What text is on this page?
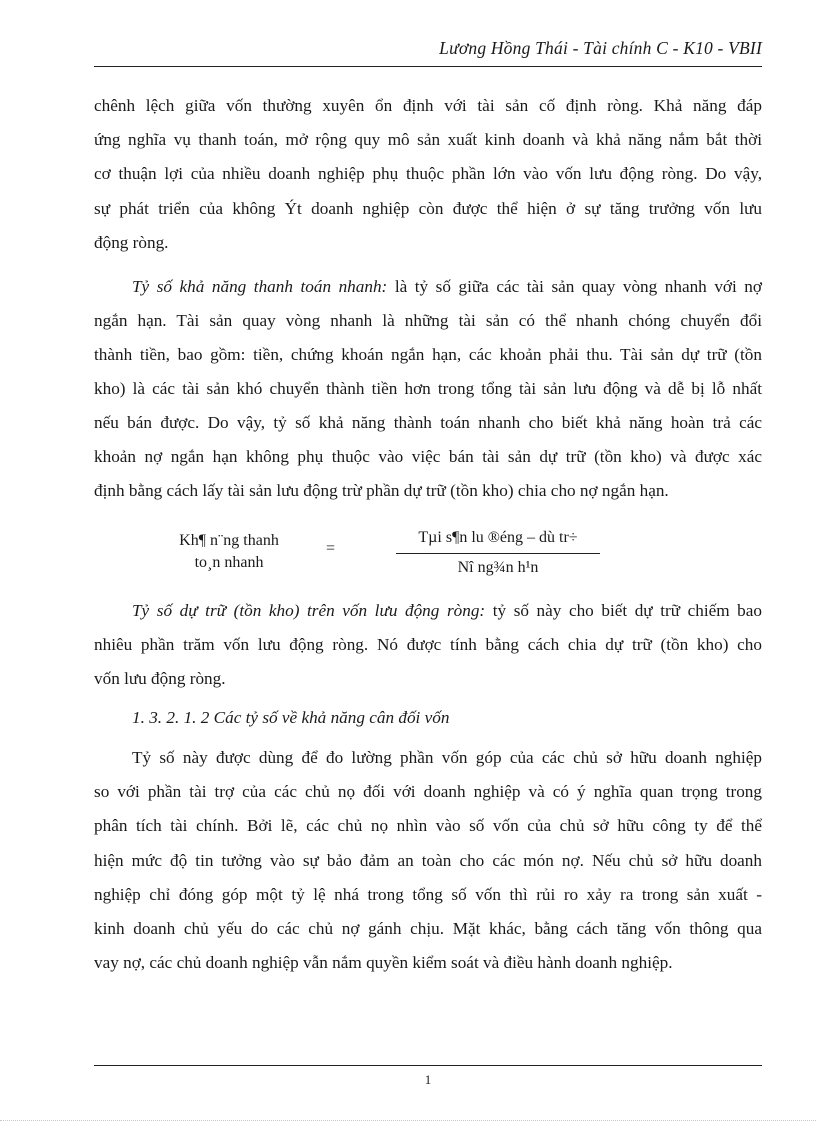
Lương Hồng Thái - Tài chính C - K10 - VBII
chênh lệch giữa vốn thường xuyên ổn định với tài sản cố định ròng. Khả năng đáp
ứng nghĩa vụ thanh toán, mở rộng quy mô sản xuất kinh doanh và khả năng nắm bắt thời
cơ thuận lợi của nhiều doanh nghiệp phụ thuộc phần lớn vào vốn lưu động ròng. Do vậy,
sự phát triển của không Ýt doanh nghiệp còn được thể hiện ở sự tăng trưởng vốn lưu
động ròng.
Tỷ số khả năng thanh toán nhanh: là tỷ số giữa các tài sản quay vòng nhanh với nợ
ngắn hạn. Tài sản quay vòng nhanh là những tài sản có thể nhanh chóng chuyển đổi
thành tiền, bao gồm: tiền, chứng khoán ngắn hạn, các khoản phải thu. Tài sản dự trữ (tồn
kho) là các tài sản khó chuyển thành tiền hơn trong tổng tài sản lưu động và dễ bị lỗ nhất
nếu bán được. Do vậy, tỷ số khả năng thành toán nhanh cho biết khả năng hoàn trả các
khoản nợ ngắn hạn không phụ thuộc vào việc bán tài sản dự trữ (tồn kho) và được xác
định bằng cách lấy tài sản lưu động trừ phần dự trữ (tồn kho) chia cho nợ ngắn hạn.
Kh¶ n¨ng thanh
to¸n nhanh
=
Tµi s¶n lu ®éng – dù tr÷
Nî ng¾n h¹n
Tỷ số dự trữ (tồn kho) trên vốn lưu động ròng: tỷ số này cho biết dự trữ chiếm bao
nhiêu phần trăm vốn lưu động ròng. Nó được tính bằng cách chia dự trữ (tồn kho) cho
vốn lưu động ròng.
1. 3. 2. 1. 2 Các tỷ số về khả năng cân đối vốn
Tỷ số này được dùng để đo lường phần vốn góp của các chủ sở hữu doanh nghiệp
so với phần tài trợ của các chủ nọ đối với doanh nghiệp và có ý nghĩa quan trọng trong
phân tích tài chính. Bởi lẽ, các chủ nọ nhìn vào số vốn của chủ sở hữu công ty để thể
hiện mức độ tin tưởng vào sự bảo đảm an toàn cho các món nợ. Nếu chủ sở hữu doanh
nghiệp chỉ đóng góp một tỷ lệ nhá trong tổng số vốn thì rủi ro xảy ra trong sản xuất -
kinh doanh chủ yếu do các chủ nợ gánh chịu. Mặt khác, bằng cách tăng vốn thông qua
vay nợ, các chủ doanh nghiệp vẫn nắm quyền kiểm soát và điều hành doanh nghiệp.
1
